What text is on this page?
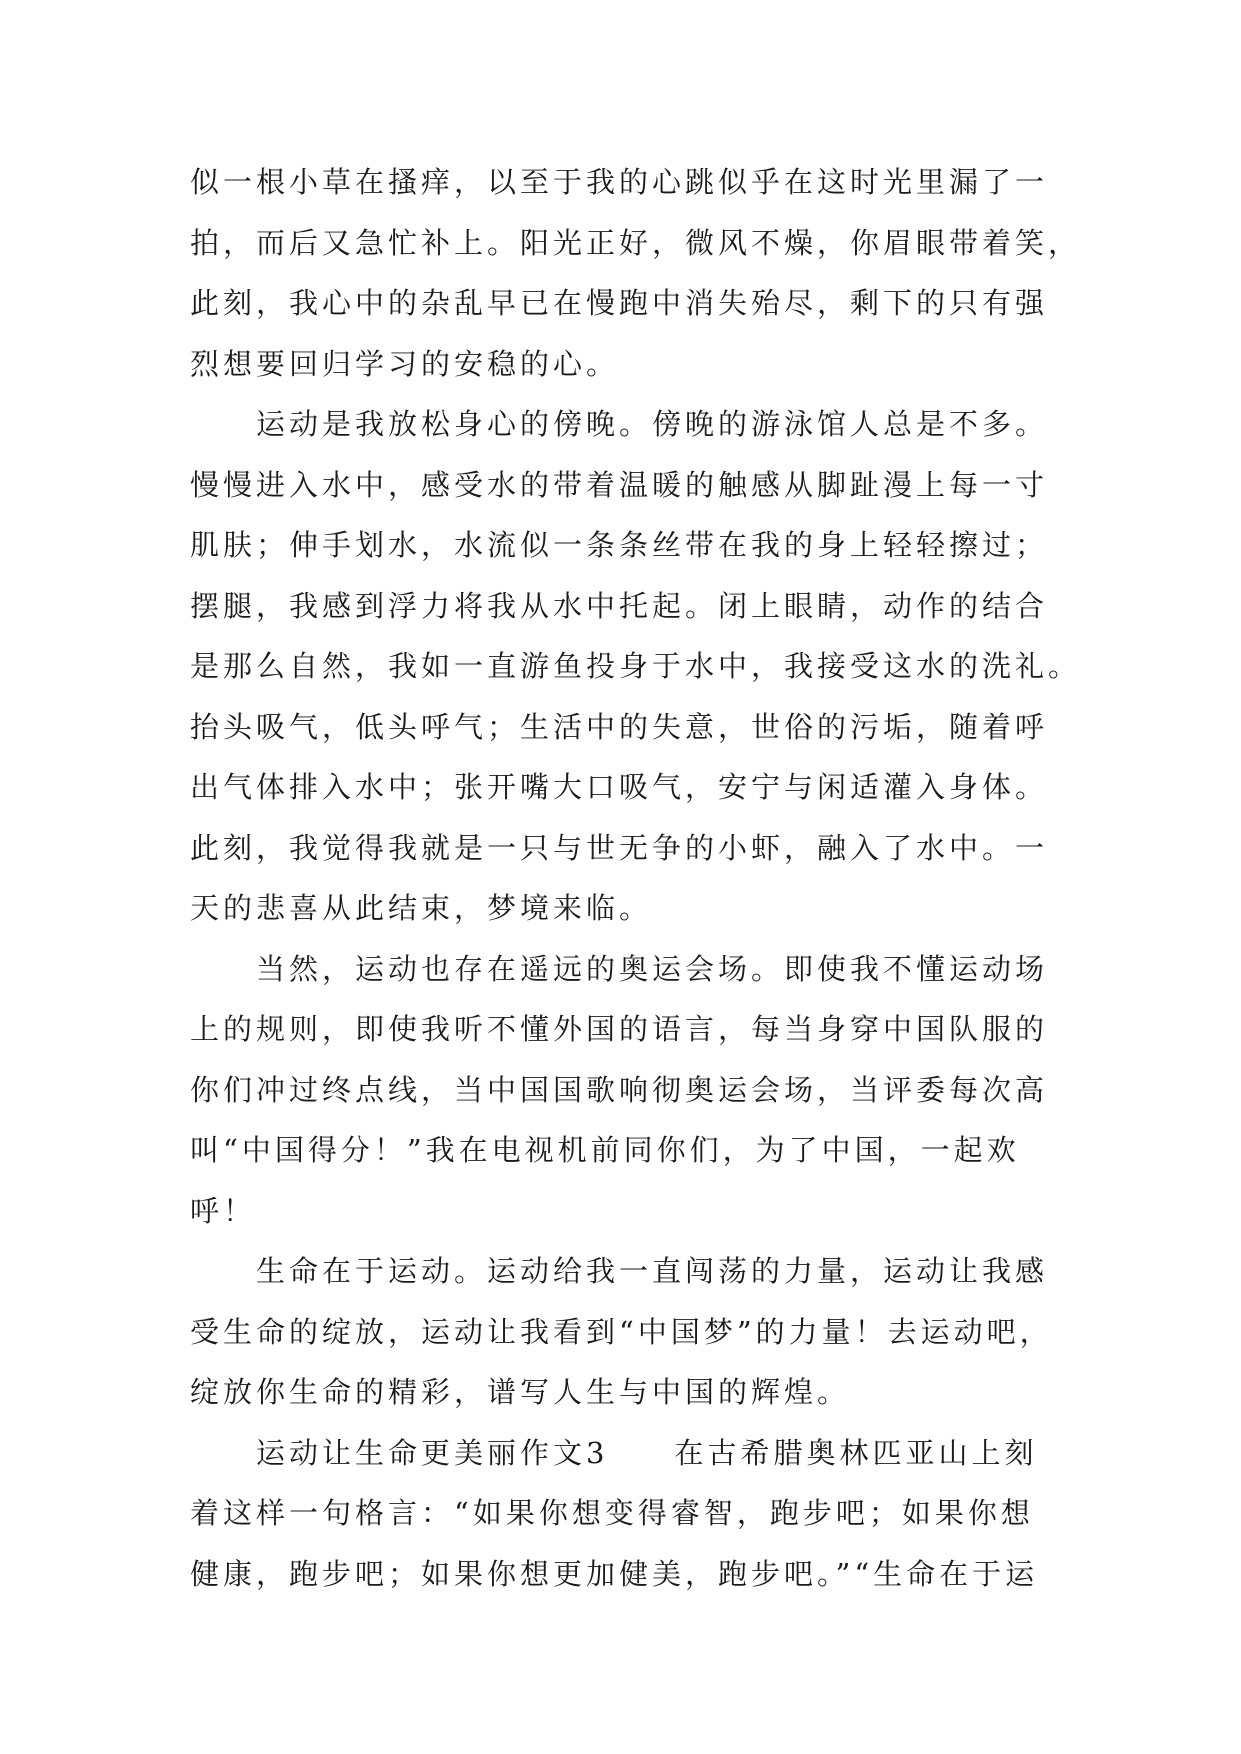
似一根小草在搔痒，以至于我的心跳似乎在这时光里漏了一
拍，而后又急忙补上。阳光正好，微风不燥，你眉眼带着笑，
此刻，我心中的杂乱早已在慢跑中消失殆尽，剩下的只有强
烈想要回归学习的安稳的心。
　　运动是我放松身心的傍晚。傍晚的游泳馆人总是不多。
慢慢进入水中，感受水的带着温暖的触感从脚趾漫上每一寸
肌肤；伸手划水，水流似一条条丝带在我的身上轻轻擦过；
摆腿，我感到浮力将我从水中托起。闭上眼睛，动作的结合
是那么自然，我如一直游鱼投身于水中，我接受这水的洗礼。
抬头吸气，低头呼气；生活中的失意，世俗的污垢，随着呼
出气体排入水中；张开嘴大口吸气，安宁与闲适灌入身体。
此刻，我觉得我就是一只与世无争的小虾，融入了水中。一
天的悲喜从此结束，梦境来临。
　　当然，运动也存在遥远的奥运会场。即使我不懂运动场
上的规则，即使我听不懂外国的语言，每当身穿中国队服的
你们冲过终点线，当中国国歌响彻奥运会场，当评委每次高
叫“中国得分！”我在电视机前同你们，为了中国，一起欢
呼！
　　生命在于运动。运动给我一直闯荡的力量，运动让我感
受生命的绽放，运动让我看到“中国梦”的力量！去运动吧，
绽放你生命的精彩，谱写人生与中国的辉煌。
　　运动让生命更美丽作文3　　在古希腊奥林匹亚山上刻
着这样一句格言：“如果你想变得睿智，跑步吧；如果你想
健康，跑步吧；如果你想更加健美，跑步吧。”“生命在于运
